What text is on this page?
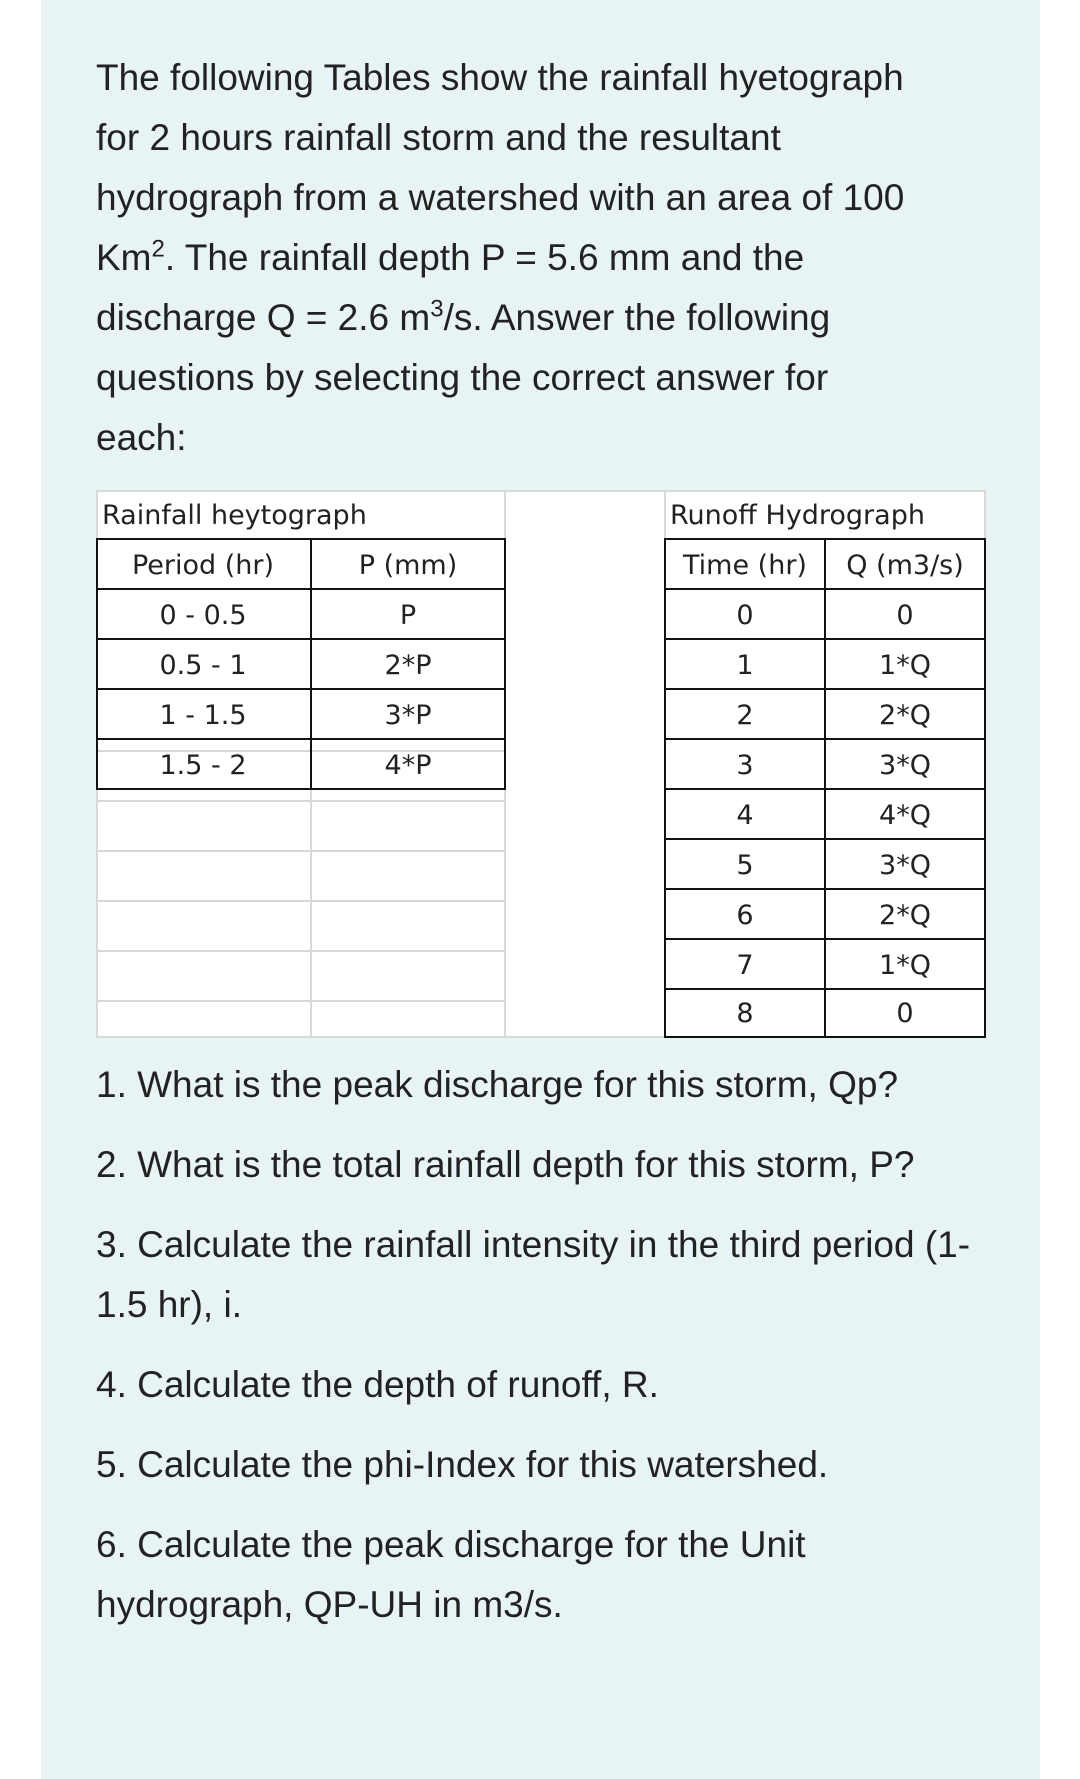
The following Tables show the rainfall hyetograph
for 2 hours rainfall storm and the resultant
hydrograph from a watershed with an area of 100
Km$^2$. The rainfall depth P = 5.6 mm and the
discharge Q = 2.6 $m^3/s$. Answer the following
questions by selecting the correct answer for
each:
Rainfall heytograph
Period (hr)	P (mm)
0 - 0.5	P
0.5 - 1	2*P
1 - 1.5	3*P
1.5 - 2	4*P
Runoff Hydrograph
Time (hr)	Q (m3/s)
0	0
1	1*Q
2	2*Q
3	3*Q
4	4*Q
5	3*Q
6	2*Q
7	1*Q
8	0
1. What is the peak discharge for this storm, Qp?
2. What is the total rainfall depth for this storm, P?
3. Calculate the rainfall intensity in the third period (1-1.5 hr), i.
4. Calculate the depth of runoff, R.
5. Calculate the phi-Index for this watershed.
6. Calculate the peak discharge for the Unit hydrograph, QP-UH in m3/s.
